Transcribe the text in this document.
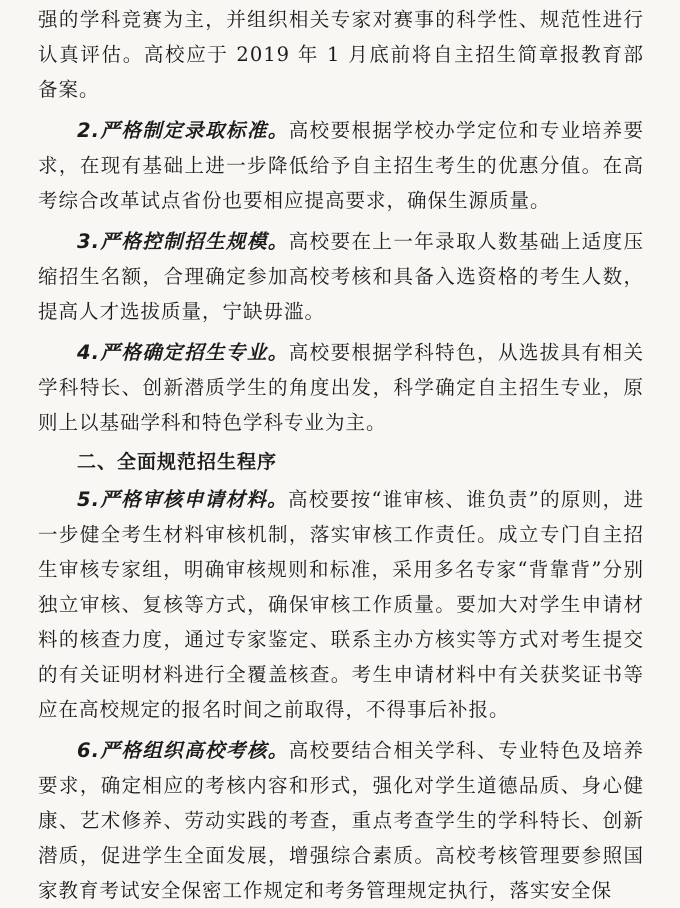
强的学科竞赛为主，并组织相关专家对赛事的科学性、规范性进行认真评估。高校应于 2019 年 1 月底前将自主招生简章报教育部备案。

2.严格制定录取标准。高校要根据学校办学定位和专业培养要求，在现有基础上进一步降低给予自主招生考生的优惠分值。在高考综合改革试点省份也要相应提高要求，确保生源质量。

3.严格控制招生规模。高校要在上一年录取人数基础上适度压缩招生名额，合理确定参加高校考核和具备入选资格的考生人数，提高人才选拔质量，宁缺毋滥。

4.严格确定招生专业。高校要根据学科特色，从选拔具有相关学科特长、创新潜质学生的角度出发，科学确定自主招生专业，原则上以基础学科和特色学科专业为主。

二、全面规范招生程序

5.严格审核申请材料。高校要按“谁审核、谁负责”的原则，进一步健全考生材料审核机制，落实审核工作责任。成立专门自主招生审核专家组，明确审核规则和标准，采用多名专家“背靠背”分别独立审核、复核等方式，确保审核工作质量。要加大对学生申请材料的核查力度，通过专家鉴定、联系主办方核实等方式对考生提交的有关证明材料进行全覆盖核查。考生申请材料中有关获奖证书等应在高校规定的报名时间之前取得，不得事后补报。

6.严格组织高校考核。高校要结合相关学科、专业特色及培养要求，确定相应的考核内容和形式，强化对学生道德品质、身心健康、艺术修养、劳动实践的考查，重点考查学生的学科特长、创新潜质，促进学生全面发展，增强综合素质。高校考核管理要参照国家教育考试安全保密工作规定和考务管理规定执行，落实安全保
